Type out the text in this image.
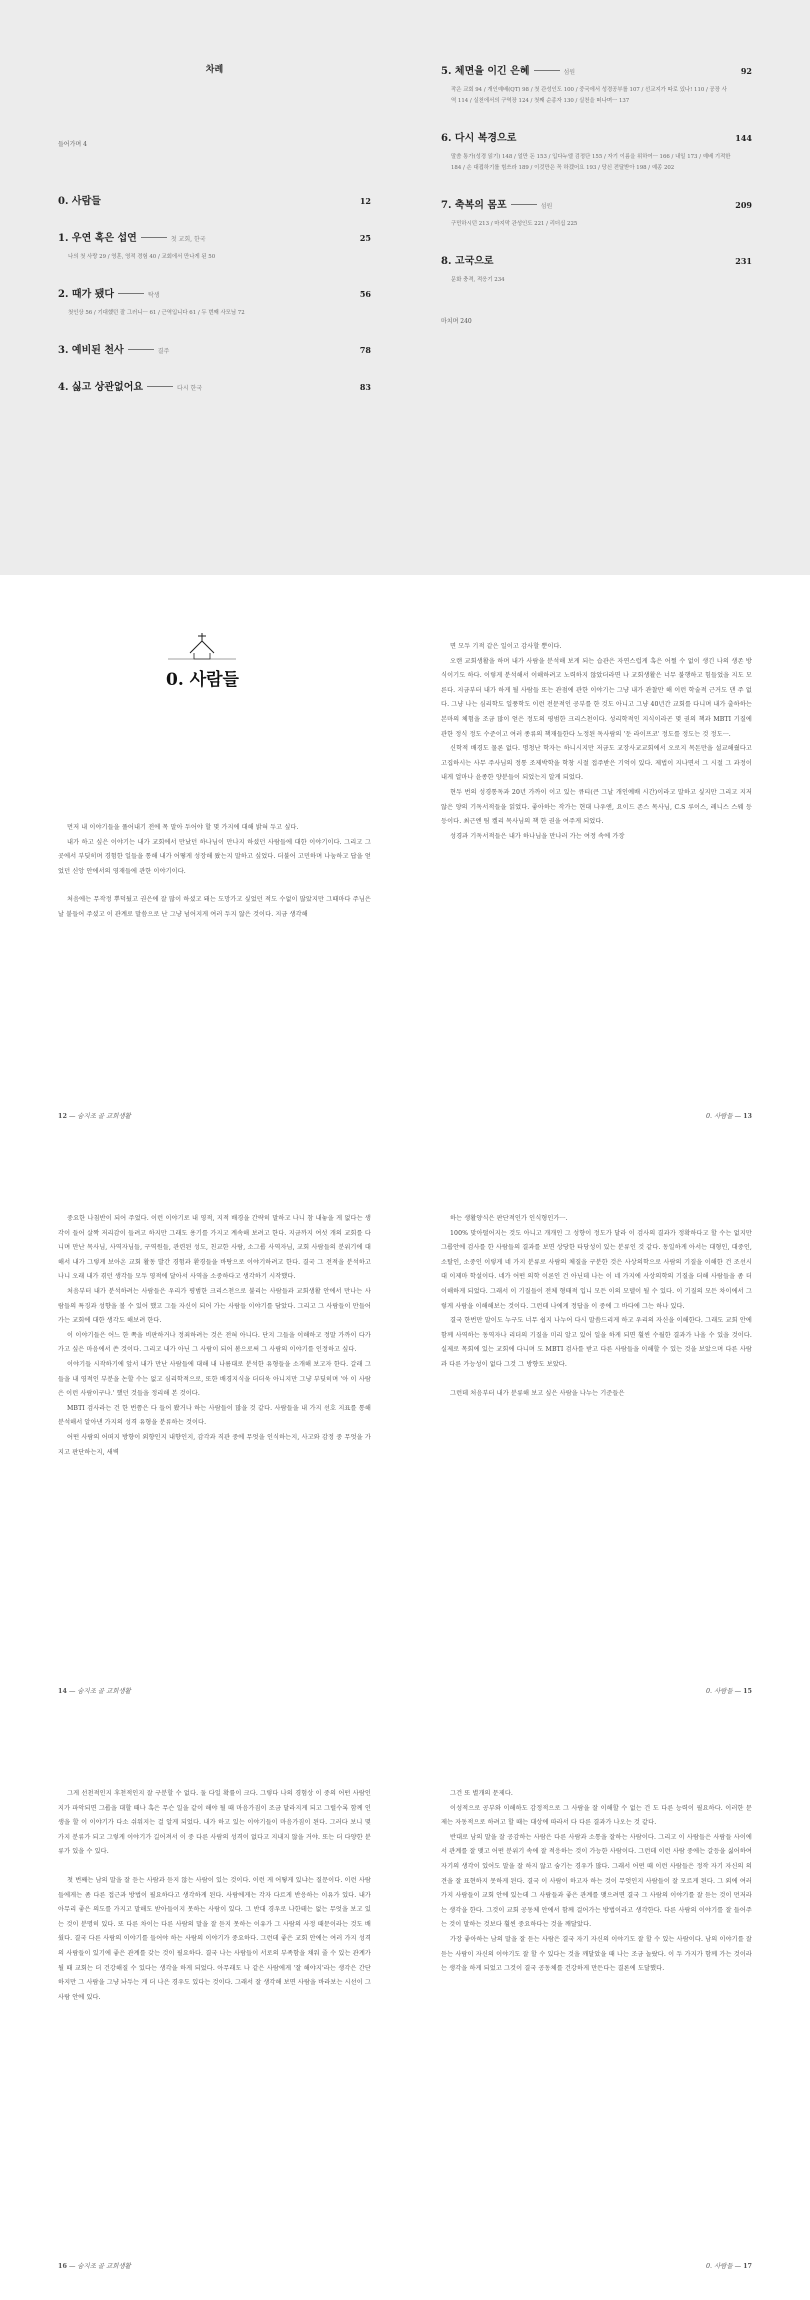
차례
들어가며 4
0. 사람들	12
1. 우연 혹은 섭연	첫 교회, 한국	25
나의 첫 사랑 29 / 영혼, 영적 경험 40 / 교회에서 만나게 된 50
2. 때가 됐다	탁생	56
첫인상 56 / 기대했던 잘 그러니ㅡ 61 / 근역입니다 61 / 두 번째 사모님 72
3. 예비된 천사	결주	78
4. 싫고 상관없어요	다시 한국	83
5. 체면을 이긴 은혜	섬원	92
작은 교회 94 / 개인예배(QT) 98 / 첫 관성인도 100 / 중국에서 성경공부를 107 / 선교지가 따로 있나! 110 / 공장 사역 114 / 실천에서의 구역장 124 / 첫째 순종자 130 / 실천을 떠나며ㅡ 137
6. 다시 복경으로	144
말씀 통가(성경 읽기) 148 / 얼만 돈 153 / 입다누엘 검정단 155 / 자기 이름을 위하여ㅡ 166 / 내일 173 / 예배 기적한 184 / 손 대접하기를 힘쓰라 189 / 이것만은 꼭 하겠어요 193 / 당신 전달받아 198 / 예종 202
7. 축복의 몸포	섬원	209
구민하시던 213 / 마지막 관성인도 221 / 리더십 225
8. 고국으로	231
문화 충격, 적응기 234
마치며 240
0. 사람들

먼저 내 이야기들을 풀어내기 전에 목 말아 두어야 할 몇 가지에 대해 밝혀 두고 싶다.

내가 하고 싶은 이야기는 내가 교회에서 만났던 하나님이 만나지 하셨던 사람들에 대한 이야기이다. 그리고 그곳에서 부딪히며 경험한 일들을 통해 내가 어떻게 성장해 왔는지 말하고 싶었다. 더불어 고민하며 나눔하고 답을 얻었던 신앙 안에서의 영재들에 관한 이야기이다.

처음에는 무작정 뿌덕뒀고 권은에 잘 많이 하셨고 돼는 도망가고 싶었던 적도 수없이 많았지만 그때마다 주님은 날 붙들어 주셨고 이 관계로 말씀으로 난 그냥 넘어지게 여러 두지 않은 것이다. 지금 생각해

12 — 숨지조 골 교회생활

면 모두 기적 같은 일이고 감사할 뿐이다.

오랜 교회생활을 하며 내가 사람을 분석해 보게 되는 습관은 자연스럽게 혹은 어쩔 수 없이 생긴 나의 생존 방식이기도 하다. 이렇게 분석해서 이해하려고 노력하지 않았더라면 나 교회생활은 너무 불행하고 힘들었을 지도 모른다. 지금부터 내가 하게 될 사람들 또는 관점에 관한 이야기는 그냥 내가 관찰만 해 이런 학술적 근거도 댄 주 없다. 그냥 나는 심리학도 일풍학도 이런 전문적인 공부를 한 것도 아니고 그냥 40년간 교회를 다니며 내가 출하하는 본마의 체험을 조금 많이 얻은 정도의 평범한 크리스천이다. 성리학적인 지식이라곤 몇 권의 책과 MBTI 기질에 관한 정식 정도 수준이고 여러 종류의 책재들한다 노정된 독사람의 '둔 라이프코' 정도를 정도는 것 정도ㅡ.

신학적 배경도 물론 없다. 명청난 학자는 하니시지만 저금도 교장사교교회에서 오로지 목돈만을 설교해줬다고 고집하시는 사무 주사님의 정통 조제박학을 학창 시절 접주받은 기억이 있다. 제법이 지나면서 그 시절 그 과정이 내게 얼마나 윤종한 양분들이 되었는지 알게 되었다.

현두 번의 성경통독과 20년 가까이 이고 있는 큐티(큰 그날 개인예배 시간)이라고 말하고 싶지만 그리고 지저 않은 양의 기독서적들을 읽었다. 좋아하는 작가는 현대 나우앤, 요이드 존스 목사님, C.S 루이스, 레니스 스웨 등등이다. 최근엔 팀 켈리 목사님의 책 한 권을 여주게 되었다.

성경과 기독서적들은 내가 하나님을 만나러 가는 여정 속에 가장

0. 사람들 — 13

중요한 나침반이 되어 주었다. 이런 이야기로 내 영적, 지적 배경을 간략히 말하고 나니 참 내놓을 게 없다는 생각이 들어 살짝 저리감이 들려고 하지만 그래도 용기를 가지고 계속해 보려고 한다. 지금까지 여섯 개의 교회를 다니며 만난 목사님, 사역자님들, 구역원들, 관련된 성도, 친교한 사람, 소그룹 사역자님, 교회 사람들의 분위기에 대해서 내가 그렇게 보아온 교회 활동 발간 경험과 환경들을 바탕으로 이야기하려고 한다. 결국 그 전적을 분석하고 나니 오래 내가 겪던 생각들 모두 영적에 달아서 사역을 소중하다고 생각하기 시작했다.

처음부터 내가 분석하려는 사람들은 우리가 평범한 크리스천으로 불리는 사람들과 교회생활 안에서 만나는 사람들의 특징과 성향을 볼 수 있어 했고 그들 자신이 되어 가는 사람들 이야기를 담았다. 그리고 그 사람들이 만들어 가는 교회에 대한 생각도 해보려 한다.

이 이야기들은 어느 한 쪽을 비판하거나 정죄하려는 것은 전혀 아니다. 단지 그들을 이해하고 정말 가까이 다가가고 싶은 마음에서 쓴 것이다. 그리고 내가 아닌 그 사람이 되어 봄으로써 그 사람의 이야기를 인정하고 싶다.

이야기들 시작하기에 앞서 내가 만난 사람들에 대해 내 나름대로 분석한 유형들을 소개해 보고자 한다. 갈래 그들을 내 영적인 부분을 논할 수는 없고 심리학적으로, 또한 배경지식을 더더욱 아니지만 그냥 부딪히며 '아 이 사람은 이런 사람이구나.' 했던 것들을 정리해 본 것이다.

MBTI 검사라는 건 한 번쯤은 다 들어 봤거나 하는 사람들이 많을 것 같다. 사람들을 내 가지 선호 지표를 통해 분석해서 알아낸 가지의 성격 유형을 분류하는 것이다.

어떤 사람의 어떠지 방향이 외향인지 내향인지, 감각과 직관 중에 무엇을 인식하는지, 사고와 감정 중 무엇을 가지고 판단하는지, 새벽

14 — 숨지조 골 교회생활

하는 생활양식은 판단적인가 인식형인가ㅡ.

100% 맞아떨어지는 것도 아니고 개개인 그 성향이 정도가 달라 이 검사의 결과가 정확하다고 할 수는 없지만 그룹안에 검사를 한 사람들의 결과를 보면 상당한 타당성이 있는 분류인 것 같다. 동일하게 아서는 대형인, 대중인, 소탈인, 소중인 이렇게 네 가지 분류로 사람의 체질을 구분한 것은 사상의학으로 사람의 기질을 이해한 건 조선시대 이제마 학설이다. 네가 어떤 의학 이론인 건 아닌데 나는 이 네 가지에 사상의학의 기질을 더해 사람들을 좀 더 이해하게 되었다. 그래서 이 기질들이 전체 형태적 입니 모든 이의 모델이 될 수 있다. 이 기질의 모든 차이에서 그렇게 사람을 이해해보는 것이다. 그런데 나에게 정답을 이 중에 그 바다에 그는 하나 있다.

결국 한번만 말이도 누구도 너무 쉽지 나누어 다시 말씀드리게 하고 우리의 자신을 이해한다. 그래도 교회 안에 함께 사역하는 동역자나 리더의 기질을 미리 알고 있어 일을 하게 되면 훨씬 수월한 결과가 나올 수 있을 것이다. 실제로 목회에 있는 교회에 다니며 도 MBTI 검사를 받고 다른 사람들을 이해할 수 있는 것을 보았으며 다른 사람과 다른 가능성이 없다 그것 그 방향도 보았다.

그런데 처음부터 내가 분류해 보고 싶은 사람을 나누는 기준들은

0. 사람들 — 15

그게 선천적인지 후천적인지 잘 구분할 수 없다. 둘 다일 확률이 크다. 그렇다 나의 경험상 이 중의 어떤 사람인지가 파악되면 그룹을 대할 때나 혹은 무슨 일을 같이 해야 될 때 마음가짐이 조금 달라지게 되고 그럴수록 함께 인생을 할 이 이야기가 다소 쉬워지는 걸 알게 되었다. 내가 하고 있는 이야기들이 마음가짐이 된다. 그러다 보니 몇 가지 분류가 되고 그렇게 이야기가 길어져서 이 중 다른 사람의 성격이 없다고 지내지 않을 거야. 또는 더 다양한 분류가 있을 수 있다.

첫 번째는 남의 말을 잘 듣는 사람과 듣지 않는 사람이 있는 것이다. 이런 게 어떻게 있냐는 질문이다. 이런 사람들에게는 좀 다른 접근과 방법이 필요하다고 생각하게 된다. 사람에게는 각자 다르게 반응하는 이유가 있다. 내가 아무리 좋은 의도를 가지고 말해도 받아들이지 못하는 사람이 있다. 그 반대 경우로 나한테는 없는 무엇을 보고 있는 것이 분명히 있다. 또 다른 차이는 다른 사람의 말을 잘 듣지 못하는 이유가 그 사람의 사정 때문이라는 것도 배웠다. 결국 다른 사람의 이야기를 들어야 하는 사람의 이야기가 중요하다. 그런데 좋은 교회 안에는 여러 가지 성격의 사람들이 있기에 좋은 관계를 갖는 것이 필요하다. 결국 나는 사람들이 서로의 부족함을 채워 줄 수 있는 관계가 될 때 교회는 더 건강해질 수 있다는 생각을 하게 되었다. 아무래도 나 같은 사람에게 '잘 해야지'라는 생각은 간단하지만 그 사람을 그냥 놔두는 게 더 나은 경우도 있다는 것이다. 그래서 잘 생각해 보면 사람을 바라보는 시선이 그 사람 안에 있다.

16 — 숨지조 골 교회생활

그건 또 별개의 문제다.

이성적으로 공부와 이해하도 감정적으로 그 사람을 잘 이해할 수 없는 건 도 다른 능력이 필요하다. 이러한 문제는 자동적으로 하려고 할 때는 대상에 따라서 다 다른 결과가 나오는 것 같다.

반대로 남의 말을 잘 공감하는 사람은 다른 사람과 소통을 잘하는 사람이다. 그리고 이 사람들은 사람들 사이에서 관계를 잘 맺고 어떤 분위기 속에 잘 적응하는 것이 가능한 사람이다. 그런데 이런 사람 중에는 갈등을 싫어하여 자기의 생각이 있어도 말을 잘 하지 않고 숨기는 경우가 많다. 그래서 어떤 때 이런 사람들은 정작 자기 자신의 의견을 잘 표현하지 못하게 된다. 결국 이 사람이 하고자 하는 것이 무엇인지 사람들이 잘 모르게 된다. 그 외에 여러 가지 사람들이 교회 안에 있는데 그 사람들과 좋은 관계를 맺으려면 결국 그 사람의 이야기를 잘 듣는 것이 먼저라는 생각을 한다. 그것이 교회 공동체 안에서 함께 걸어가는 방법이라고 생각한다. 다른 사람의 이야기를 잘 들어주는 것이 말하는 것보다 훨씬 중요하다는 것을 깨달았다.

가장 좋아하는 남의 말을 잘 듣는 사람은 결국 자기 자신의 이야기도 잘 할 수 있는 사람이다. 남의 이야기를 잘 듣는 사람이 자신의 이야기도 잘 할 수 있다는 것을 깨달았을 때 나는 조금 놀랐다. 이 두 가지가 함께 가는 것이라는 생각을 하게 되었고 그것이 결국 공동체를 건강하게 만든다는 결론에 도달했다.

0. 사람들 — 17
